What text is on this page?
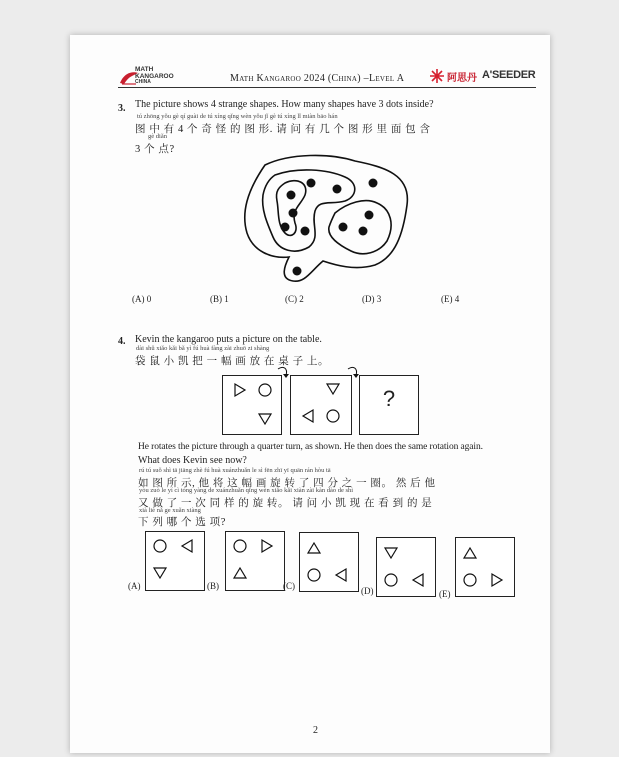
MATH
KANGAROO
CHINA	Math Kangaroo 2024 (China) –Level A	阿思丹 A'SEEDER
3. The picture shows 4 strange shapes. How many shapes have 3 dots inside?
tú zhōng yǒu gè qí guài de tú xíng qǐng wèn yǒu jǐ gè tú xíng lǐ miàn bāo hán
图 中 有 4 个 奇 怪 的 图 形. 请 问 有 几 个 图 形 里 面 包 含
gè diǎn
3 个 点?
(A) 0	(B) 1	(C) 2	(D) 3	(E) 4
4. Kevin the kangaroo puts a picture on the table.
dài shǔ xiǎo kǎi bǎ yì fú huà fàng zài zhuō zi shàng
袋 鼠 小 凯 把 一 幅 画 放 在 桌 子 上。
?
He rotates the picture through a quarter turn, as shown. He then does the same rotation again.
What does Kevin see now?
rú tú suǒ shì tā jiāng zhè fú huà xuánzhuǎn le sì fēn zhī yī quān rán hòu tā
如 图 所 示, 他 将 这 幅 画 旋 转 了 四 分 之 一 圈。 然 后 他
yòu zuò le yí cì tóng yàng de xuánzhuǎn qǐng wèn xiǎo kǎi xiàn zài kàn dào de shì
又 做 了 一 次 同 样 的 旋 转。 请 问 小 凯 现 在 看 到 的 是
xià liè nǎ ge xuǎn xiàng
下 列 哪 个 选 项?
(A)	(B)	(C)	(D)	(E)
2
